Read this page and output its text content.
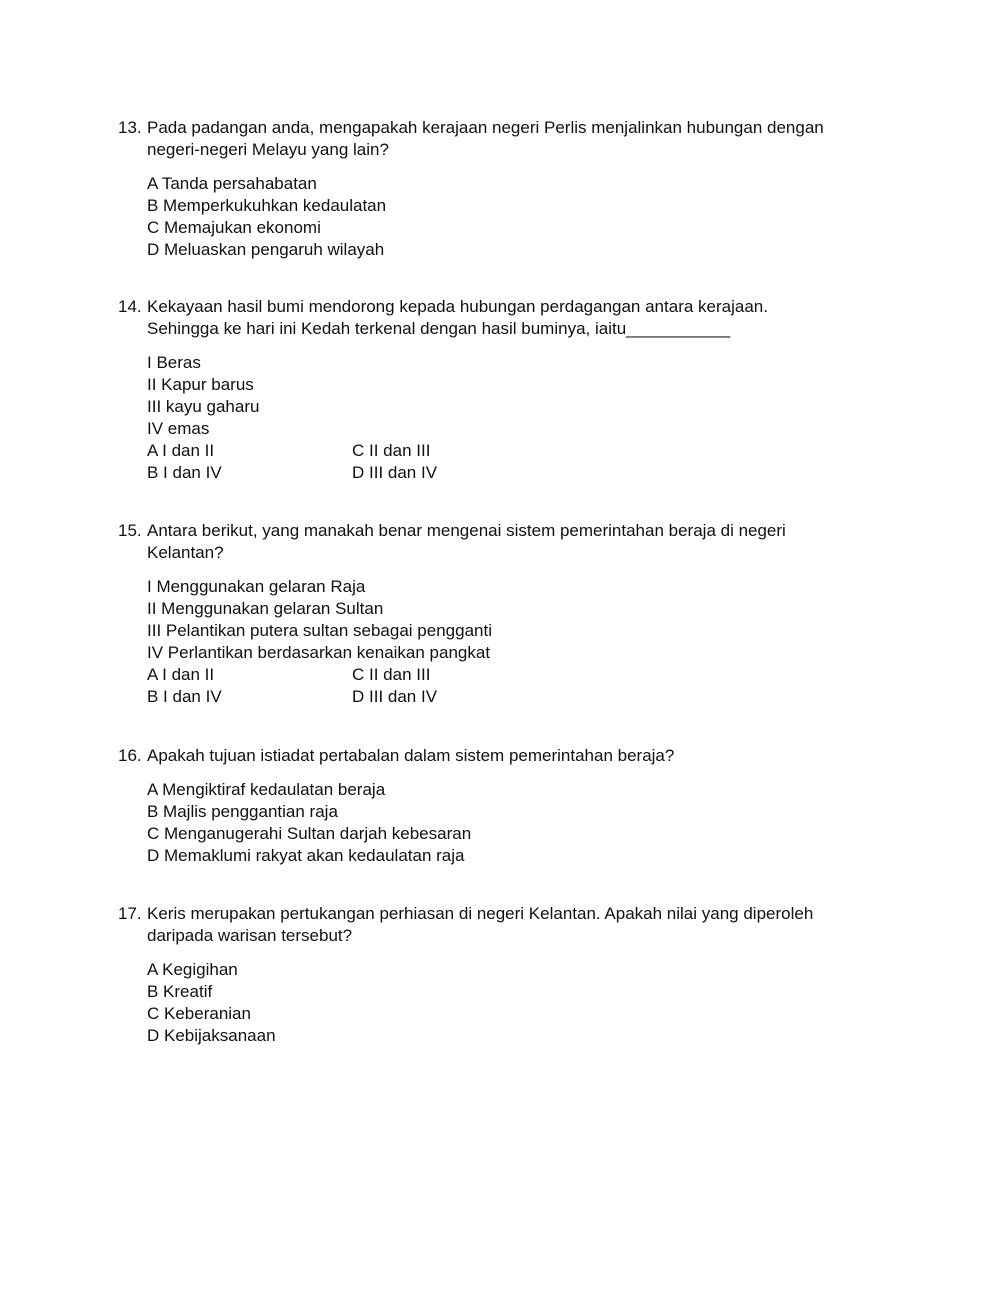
13. Pada padangan anda, mengapakah kerajaan negeri Perlis menjalinkan hubungan dengan
negeri-negeri Melayu yang lain?
A Tanda persahabatan
B Memperkukuhkan kedaulatan
C Memajukan ekonomi
D Meluaskan pengaruh wilayah
14. Kekayaan hasil bumi mendorong kepada hubungan perdagangan antara kerajaan.
Sehingga ke hari ini Kedah terkenal dengan hasil buminya, iaitu___________
I Beras
II Kapur barus
III kayu gaharu
IV emas
A I dan II	C II dan III
B I dan IV	D III dan IV
15. Antara berikut, yang manakah benar mengenai sistem pemerintahan beraja di negeri
Kelantan?
I Menggunakan gelaran Raja
II Menggunakan gelaran Sultan
III Pelantikan putera sultan sebagai pengganti
IV Perlantikan berdasarkan kenaikan pangkat
A I dan II	C II dan III
B I dan IV	D III dan IV
16. Apakah tujuan istiadat pertabalan dalam sistem pemerintahan beraja?
A Mengiktiraf kedaulatan beraja
B Majlis penggantian raja
C Menganugerahi Sultan darjah kebesaran
D Memaklumi rakyat akan kedaulatan raja
17. Keris merupakan pertukangan perhiasan di negeri Kelantan. Apakah nilai yang diperoleh
daripada warisan tersebut?
A Kegigihan
B Kreatif
C Keberanian
D Kebijaksanaan
